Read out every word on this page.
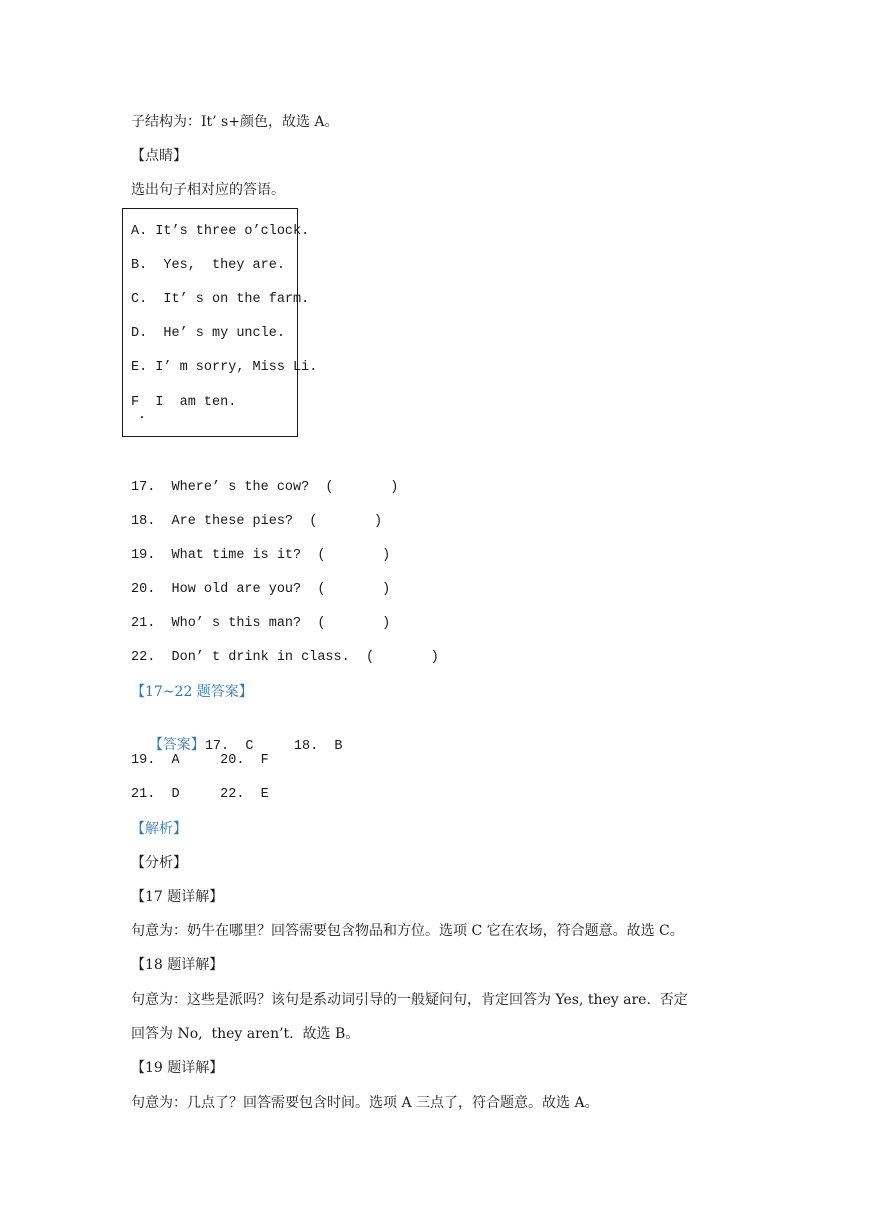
子结构为：It’ s+颜色，故选 A。
【点睛】
选出句子相对应的答语。
A. It’s three o’clock.
B.  Yes,  they are.
C.  It’ s on the farm.
D.  He’ s my uncle.
E. I’ m sorry, Miss Li.
F  I  am ten.
17.  Where’ s the cow?  (       )
18.  Are these pies?  (       )
19.  What time is it?  (       )
20.  How old are you?  (       )
21.  Who’ s this man?  (       )
22.  Don’ t drink in class.  (       )
【17~22 题答案】

【答案】17.  C     18.  B

19.  A     20.  F
21.  D     22.  E
【解析】
【分析】
【17 题详解】
句意为：奶牛在哪里？回答需要包含物品和方位。选项 C 它在农场，符合题意。故选 C。
【18 题详解】
句意为：这些是派吗？该句是系动词引导的一般疑问句，肯定回答为 Yes, they are.  否定
回答为 No,  they aren’t.  故选 B。
【19 题详解】
句意为：几点了？回答需要包含时间。选项 A 三点了，符合题意。故选 A。
